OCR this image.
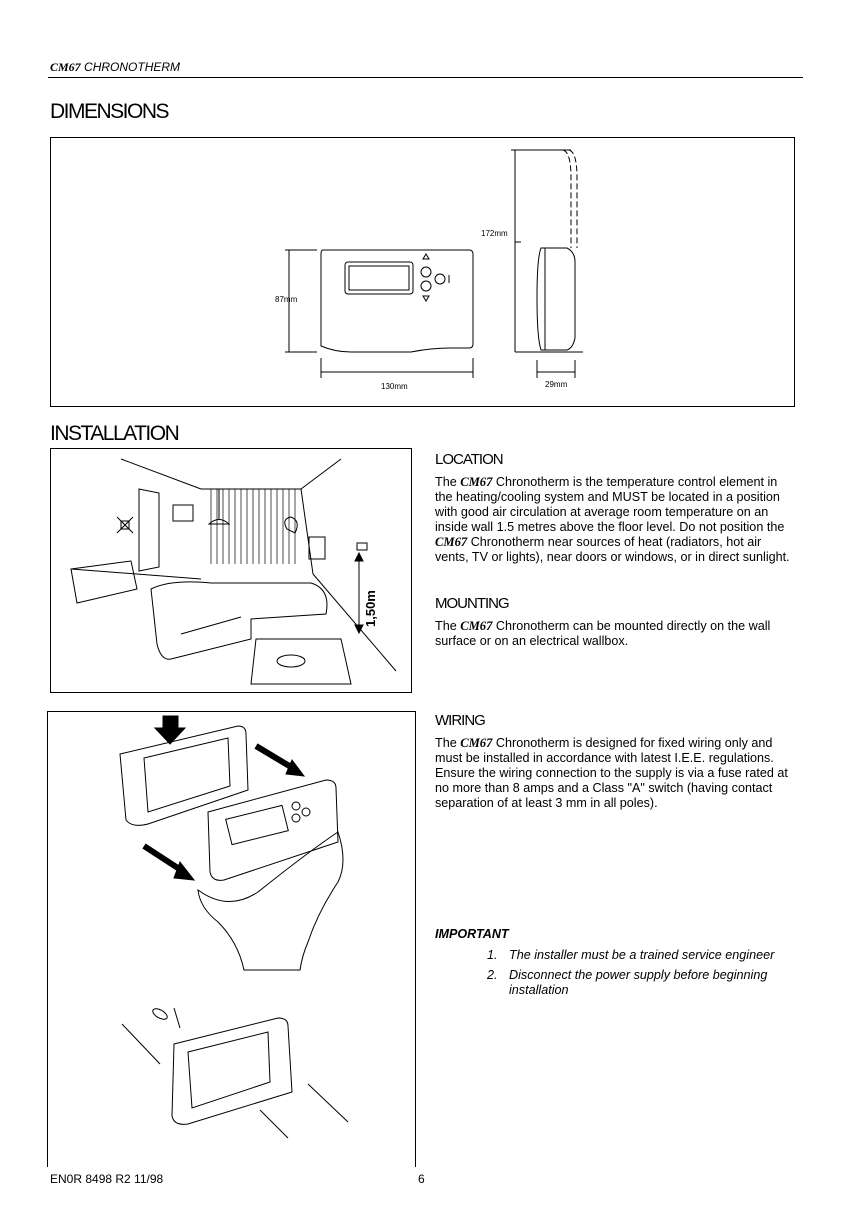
CM67 CHRONOTHERM
DIMENSIONS
87mm
130mm
172mm
29mm
INSTALLATION
1,50m
LOCATION
The CM67 Chronotherm is the temperature control element in the heating/cooling system and MUST be located in a position with good air circulation at average room temperature on an inside wall 1.5 metres above the floor level. Do not position the CM67 Chronotherm near sources of heat (radiators, hot air vents, TV or lights), near doors or windows, or in direct sunlight.
MOUNTING
The CM67 Chronotherm can be mounted directly on the wall surface or on an electrical wallbox.
WIRING
The CM67 Chronotherm is designed for fixed wiring only and must be installed in accordance with latest I.E.E. regulations. Ensure the wiring connection to the supply is via a fuse rated at no more than 8 amps and a Class "A" switch (having contact separation of at least 3 mm in all poles).
IMPORTANT
1. The installer must be a trained service engineer
2. Disconnect the power supply before beginning installation
EN0R 8498 R2 11/98	6
